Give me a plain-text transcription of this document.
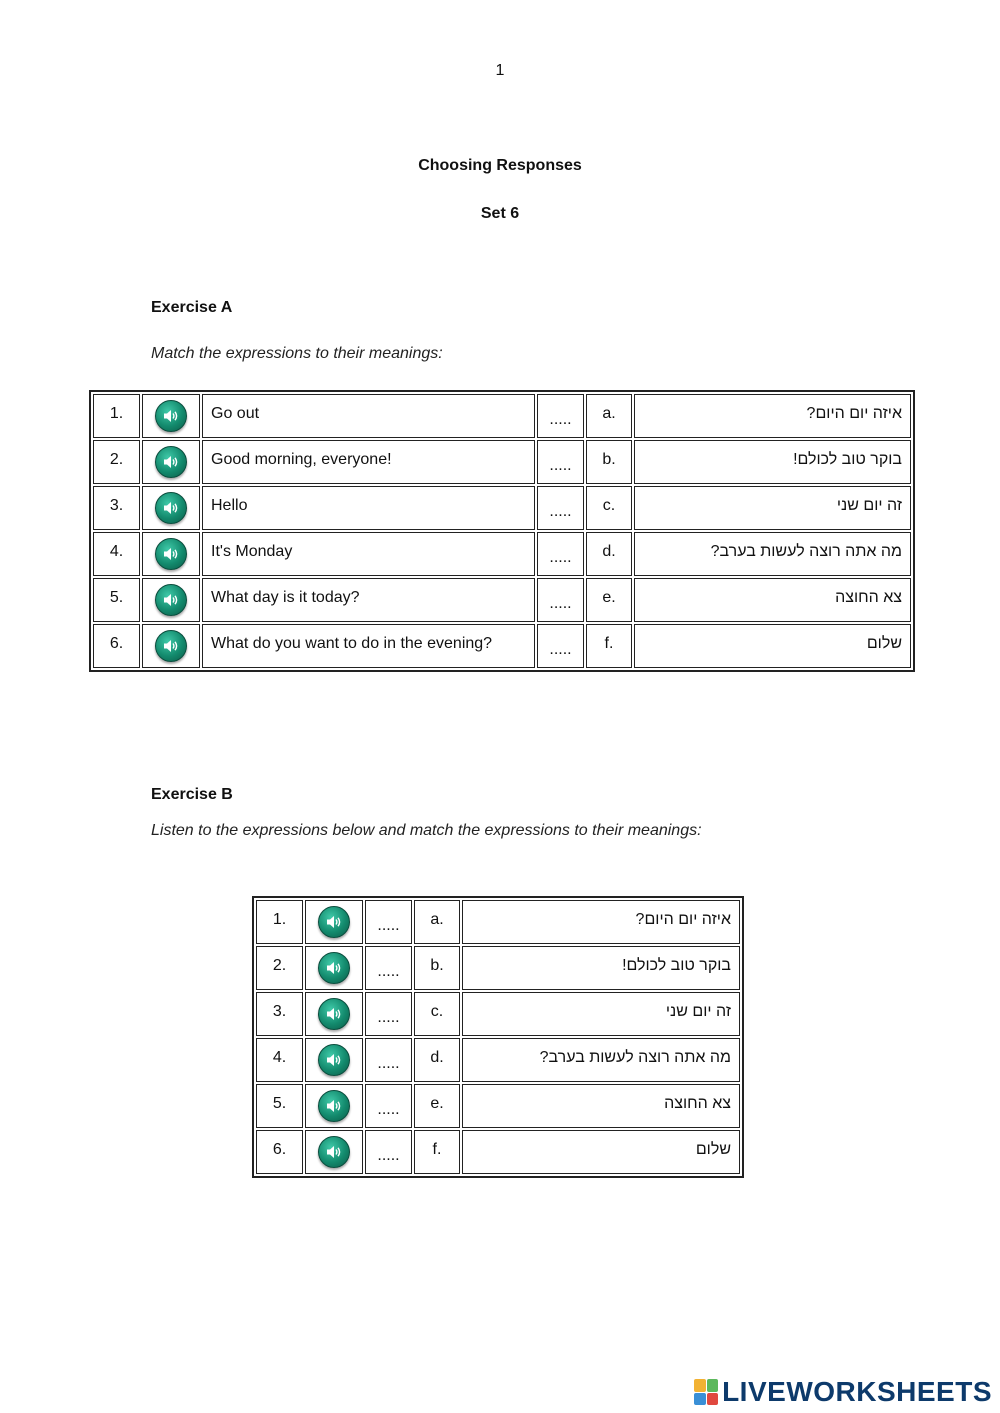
1
Choosing Responses
Set 6
Exercise A
Match the expressions to their meanings:
1.		Go out	.....	a.	איזה יום היום?
2.		Good morning, everyone!	.....	b.	בוקר טוב לכולם!
3.		Hello	.....	c.	זה יום שני
4.		It's Monday	.....	d.	מה אתה רוצה לעשות בערב?
5.		What day is it today?	.....	e.	צא החוצה
6.		What do you want to do in the evening?	.....	f.	שלום
Exercise B
Listen to the expressions below and match the expressions to their meanings:
1.		.....	a.	איזה יום היום?
2.		.....	b.	בוקר טוב לכולם!
3.		.....	c.	זה יום שני
4.		.....	d.	מה אתה רוצה לעשות בערב?
5.		.....	e.	צא החוצה
6.		.....	f.	שלום
LIVEWORKSHEETS
